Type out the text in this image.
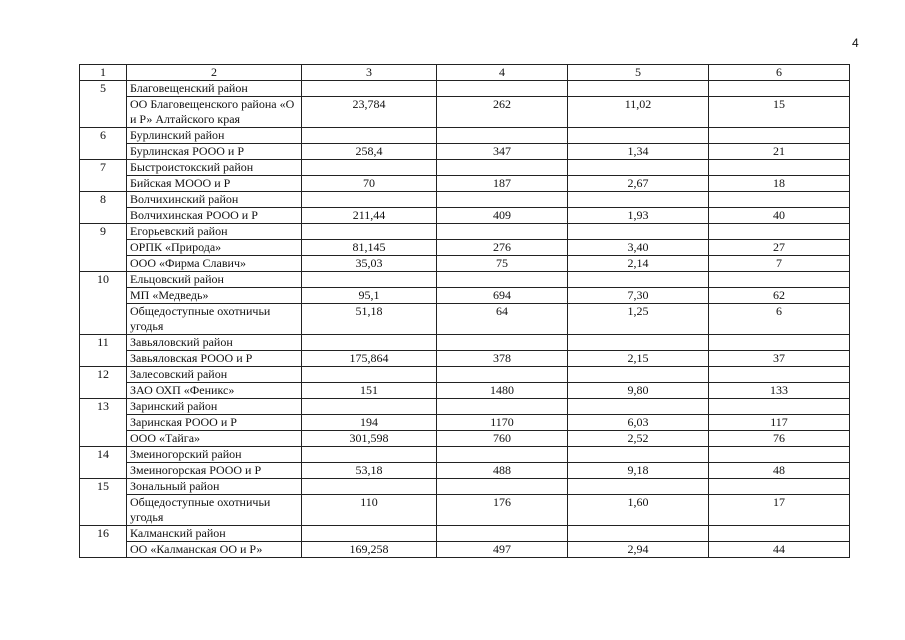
4
1	2	3	4	5	6
5	Благовещенский район				
	ОО Благовещенского района «О и Р» Алтайского края	23,784	262	11,02	15
6	Бурлинский район				
	Бурлинская РООО и Р	258,4	347	1,34	21
7	Быстроистокский район				
	Бийская МООО и Р	70	187	2,67	18
8	Волчихинский район				
	Волчихинская РООО и Р	211,44	409	1,93	40
9	Егорьевский район				
	ОРПК «Природа»	81,145	276	3,40	27
	ООО «Фирма Славич»	35,03	75	2,14	7
10	Ельцовский район				
	МП «Медведь»	95,1	694	7,30	62
	Общедоступные охотничьи угодья	51,18	64	1,25	6
11	Завьяловский район				
	Завьяловская РООО и Р	175,864	378	2,15	37
12	Залесовский район				
	ЗАО ОХП «Феникс»	151	1480	9,80	133
13	Заринский район				
	Заринская РООО и Р	194	1170	6,03	117
	ООО «Тайга»	301,598	760	2,52	76
14	Змеиногорский район				
	Змеиногорская РООО и Р	53,18	488	9,18	48
15	Зональный район				
	Общедоступные охотничьи угодья	110	176	1,60	17
16	Калманский район				
	ОО «Калманская ОО и Р»	169,258	497	2,94	44
